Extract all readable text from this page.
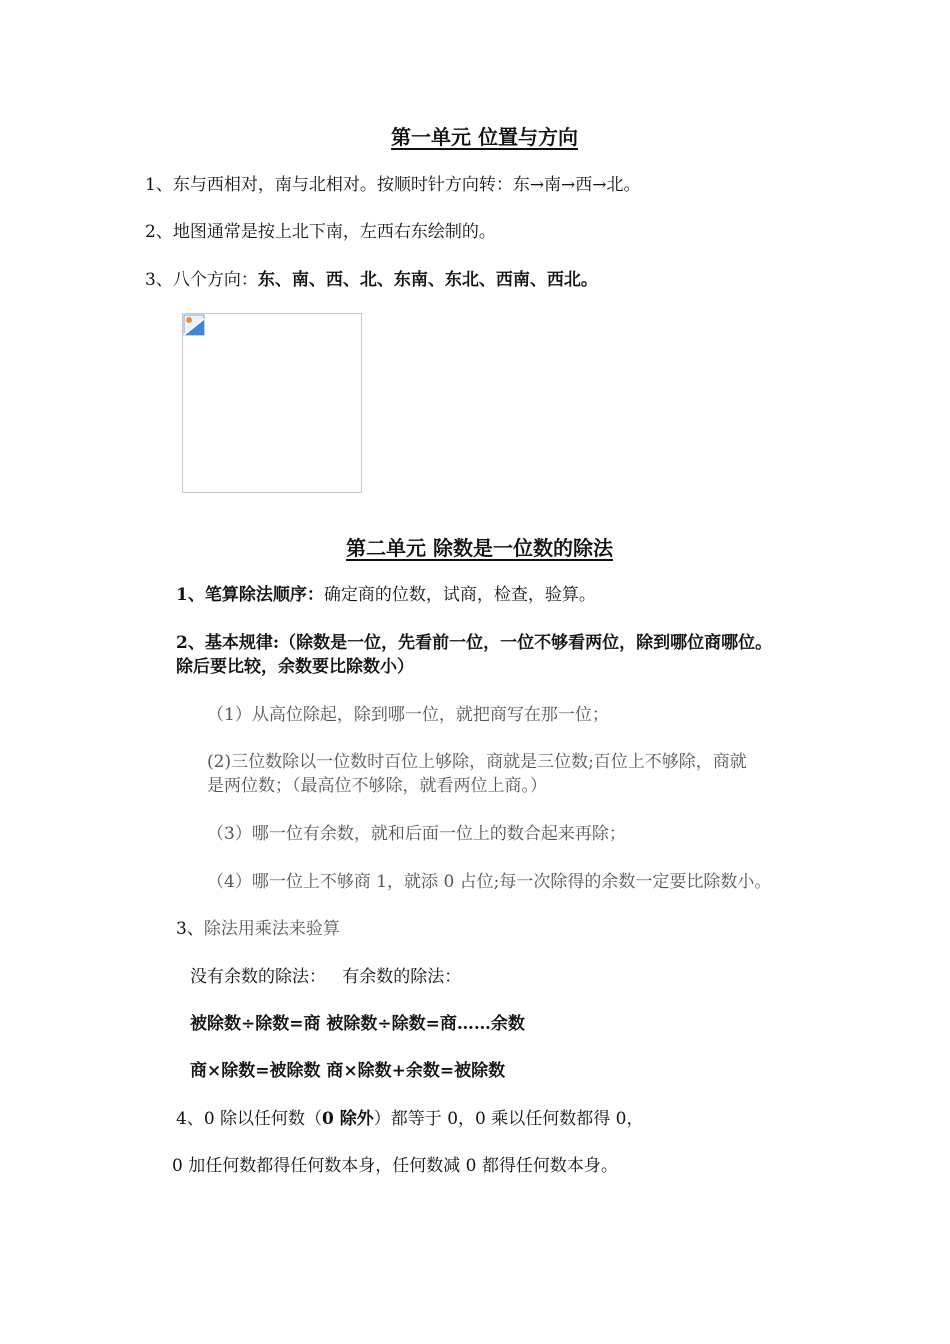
第一单元 位置与方向
1、东与西相对，南与北相对。按顺时针方向转：东→南→西→北。
2、地图通常是按上北下南，左西右东绘制的。
3、八个方向：东、南、西、北、东南、东北、西南、西北。
第二单元 除数是一位数的除法
1、笔算除法顺序：确定商的位数，试商，检查，验算。
2、基本规律:（除数是一位，先看前一位，一位不够看两位，除到哪位商哪位。
除后要比较，余数要比除数小）
（1）从高位除起，除到哪一位，就把商写在那一位；
(2)三位数除以一位数时百位上够除，商就是三位数;百位上不够除，商就
是两位数；（最高位不够除，就看两位上商。）
（3）哪一位有余数，就和后面一位上的数合起来再除；
（4）哪一位上不够商 1，就添 0 占位;每一次除得的余数一定要比除数小。
3、除法用乘法来验算
没有余数的除法：   有余数的除法：
被除数÷除数=商 被除数÷除数=商……余数
商×除数=被除数 商×除数+余数=被除数
4、0 除以任何数（0 除外）都等于 0，0 乘以任何数都得 0，
0 加任何数都得任何数本身，任何数减 0 都得任何数本身。
